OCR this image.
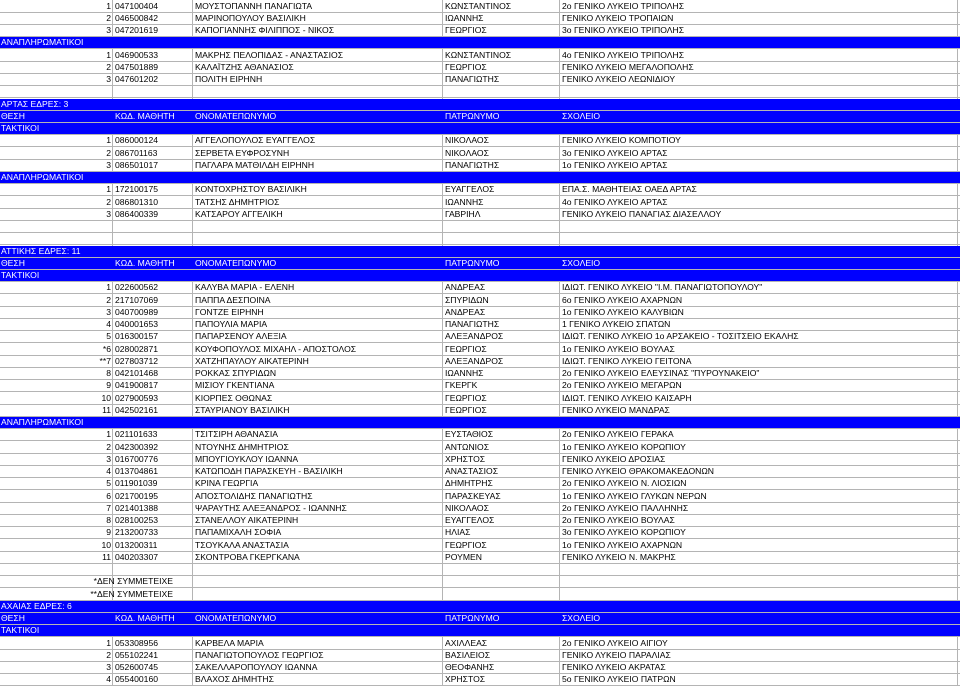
1 047100404	ΜΟΥΣΤΟΠΑΝΝΗ ΠΑΝΑΓΙΩΤΑ	ΚΩΝΣΤΑΝΤΙΝΟΣ	2ο ΓΕΝΙΚΟ ΛΥΚΕΙΟ ΤΡΙΠΟΛΗΣ
2 046500842	ΜΑΡΙΝΟΠΟΥΛΟΥ ΒΑΣΙΛΙΚΗ	ΙΩΑΝΝΗΣ	ΓΕΝΙΚΟ ΛΥΚΕΙΟ ΤΡΟΠΑΙΩΝ
3 047201619	ΚΑΠΟΓΙΑΝΝΗΣ ΦΙΛΙΠΠΟΣ - ΝΙΚΟΣ	ΓΕΩΡΓΙΟΣ	3ο ΓΕΝΙΚΟ ΛΥΚΕΙΟ ΤΡΙΠΟΛΗΣ
ΑΝΑΠΛΗΡΩΜΑΤΙΚΟΙ
1 046900533	ΜΑΚΡΗΣ ΠΕΛΟΠΙΔΑΣ - ΑΝΑΣΤΑΣΙΟΣ	ΚΩΝΣΤΑΝΤΙΝΟΣ	4ο ΓΕΝΙΚΟ ΛΥΚΕΙΟ ΤΡΙΠΟΛΗΣ
2 047501889	ΚΑΛΑΪΤΖΗΣ ΑΘΑΝΑΣΙΟΣ	ΓΕΩΡΓΙΟΣ	ΓΕΝΙΚΟ ΛΥΚΕΙΟ ΜΕΓΑΛΟΠΟΛΗΣ
3 047601202	ΠΟΛΙΤΗ ΕΙΡΗΝΗ	ΠΑΝΑΓΙΩΤΗΣ	ΓΕΝΙΚΟ ΛΥΚΕΙΟ ΛΕΩΝΙΔΙΟΥ
ΑΡΤΑΣ ΕΔΡΕΣ: 3
ΘΕΣΗ	ΚΩΔ. ΜΑΘΗΤΗ	ΟΝΟΜΑΤΕΠΩΝΥΜΟ	ΠΑΤΡΩΝΥΜΟ	ΣΧΟΛΕΙΟ
ΤΑΚΤΙΚΟΙ
1 086000124	ΑΓΓΕΛΟΠΟΥΛΟΣ ΕΥΑΓΓΕΛΟΣ	ΝΙΚΟΛΑΟΣ	ΓΕΝΙΚΟ ΛΥΚΕΙΟ ΚΟΜΠΟΤΙΟΥ
2 086701163	ΣΕΡΒΕΤΑ ΕΥΦΡΟΣΥΝΗ	ΝΙΚΟΛΑΟΣ	3ο ΓΕΝΙΚΟ ΛΥΚΕΙΟ ΑΡΤΑΣ
3 086501017	ΠΑΓΛΑΡΑ ΜΑΤΘΙΛΔΗ ΕΙΡΗΝΗ	ΠΑΝΑΓΙΩΤΗΣ	1ο ΓΕΝΙΚΟ ΛΥΚΕΙΟ ΑΡΤΑΣ
ΑΝΑΠΛΗΡΩΜΑΤΙΚΟΙ
1 172100175	ΚΟΝΤΟΧΡΗΣΤΟΥ ΒΑΣΙΛΙΚΗ	ΕΥΑΓΓΕΛΟΣ	ΕΠΑ.Σ. ΜΑΘΗΤΕΙΑΣ ΟΑΕΔ ΑΡΤΑΣ
2 086801310	ΤΑΤΣΗΣ ΔΗΜΗΤΡΙΟΣ	ΙΩΑΝΝΗΣ	4ο ΓΕΝΙΚΟ ΛΥΚΕΙΟ ΑΡΤΑΣ
3 086400339	ΚΑΤΣΑΡΟΥ ΑΓΓΕΛΙΚΗ	ΓΑΒΡΙΗΛ	ΓΕΝΙΚΟ ΛΥΚΕΙΟ ΠΑΝΑΓΙΑΣ ΔΙΑΣΕΛΛΟΥ
ΑΤΤΙΚΗΣ ΕΔΡΕΣ: 11
ΘΕΣΗ	ΚΩΔ. ΜΑΘΗΤΗ	ΟΝΟΜΑΤΕΠΩΝΥΜΟ	ΠΑΤΡΩΝΥΜΟ	ΣΧΟΛΕΙΟ
ΤΑΚΤΙΚΟΙ
1 022600562	ΚΑΛΥΒΑ ΜΑΡΙΑ - ΕΛΕΝΗ	ΑΝΔΡΕΑΣ	ΙΔΙΩΤ. ΓΕΝΙΚΟ ΛΥΚΕΙΟ "Ι.Μ. ΠΑΝΑΓΙΩΤΟΠΟΥΛΟΥ"
2 217107069	ΠΑΠΠΑ ΔΕΣΠΟΙΝΑ	ΣΠΥΡΙΔΩΝ	6ο ΓΕΝΙΚΟ ΛΥΚΕΙΟ ΑΧΑΡΝΩΝ
3 040700989	ΓΟΝΤΖΕ ΕΙΡΗΝΗ	ΑΝΔΡΕΑΣ	1ο ΓΕΝΙΚΟ ΛΥΚΕΙΟ ΚΑΛΥΒΙΩΝ
4 040001653	ΠΑΠΟΥΛΙΑ ΜΑΡΙΑ	ΠΑΝΑΓΙΩΤΗΣ	1 ΓΕΝΙΚΟ ΛΥΚΕΙΟ ΣΠΑΤΩΝ
5 016300157	ΠΑΠΑΡΣΕΝΟΥ ΑΛΕΞΙΑ	ΑΛΕΞΑΝΔΡΟΣ	ΙΔΙΩΤ. ΓΕΝΙΚΟ ΛΥΚΕΙΟ 1ο ΑΡΣΑΚΕΙΟ - ΤΟΣΙΤΣΕΙΟ ΕΚΑΛΗΣ
*6 028002871	ΚΟΥΦΟΠΟΥΛΟΣ ΜΙΧΑΗΛ - ΑΠΟΣΤΟΛΟΣ	ΓΕΩΡΓΙΟΣ	1ο ΓΕΝΙΚΟ ΛΥΚΕΙΟ ΒΟΥΛΑΣ
**7 027803712	ΧΑΤΖΗΠΑΥΛΟΥ ΑΙΚΑΤΕΡΙΝΗ	ΑΛΕΞΑΝΔΡΟΣ	ΙΔΙΩΤ. ΓΕΝΙΚΟ ΛΥΚΕΙΟ ΓΕΙΤΟΝΑ
8 042101468	ΡΟΚΚΑΣ ΣΠΥΡΙΔΩΝ	ΙΩΑΝΝΗΣ	2ο ΓΕΝΙΚΟ ΛΥΚΕΙΟ ΕΛΕΥΣΙΝΑΣ "ΠΥΡΟΥΝΑΚΕΙΟ"
9 041900817	ΜΙΣΙΟΥ ΓΚΕΝΤΙΑΝΑ	ΓΚΕΡΓΚ	2ο ΓΕΝΙΚΟ ΛΥΚΕΙΟ ΜΕΓΑΡΩΝ
10 027900593	ΚΙΟΡΠΕΣ ΟΘΩΝΑΣ	ΓΕΩΡΓΙΟΣ	ΙΔΙΩΤ. ΓΕΝΙΚΟ ΛΥΚΕΙΟ ΚΑΙΣΑΡΗ
11 042502161	ΣΤΑΥΡΙΑΝΟΥ ΒΑΣΙΛΙΚΗ	ΓΕΩΡΓΙΟΣ	ΓΕΝΙΚΟ ΛΥΚΕΙΟ ΜΑΝΔΡΑΣ
ΑΝΑΠΛΗΡΩΜΑΤΙΚΟΙ
1 021101633	ΤΣΙΤΣΙΡΗ ΑΘΑΝΑΣΙΑ	ΕΥΣΤΑΘΙΟΣ	2ο ΓΕΝΙΚΟ ΛΥΚΕΙΟ ΓΕΡΑΚΑ
2 042300392	ΝΤΟΥΝΗΣ ΔΗΜΗΤΡΙΟΣ	ΑΝΤΩΝΙΟΣ	1ο ΓΕΝΙΚΟ ΛΥΚΕΙΟ ΚΟΡΩΠΙΟΥ
3 016700776	ΜΠΟΥΓΙΟΥΚΛΟΥ ΙΩΑΝΝΑ	ΧΡΗΣΤΟΣ	ΓΕΝΙΚΟ ΛΥΚΕΙΟ ΔΡΟΣΙΑΣ
4 013704861	ΚΑΤΩΠΟΔΗ ΠΑΡΑΣΚΕΥΗ - ΒΑΣΙΛΙΚΗ	ΑΝΑΣΤΑΣΙΟΣ	ΓΕΝΙΚΟ ΛΥΚΕΙΟ ΘΡΑΚΟΜΑΚΕΔΟΝΩΝ
5 011901039	ΚΡΙΝΑ ΓΕΩΡΓΙΑ	ΔΗΜΗΤΡΗΣ	2ο ΓΕΝΙΚΟ ΛΥΚΕΙΟ Ν. ΛΙΟΣΙΩΝ
6 021700195	ΑΠΟΣΤΟΛΙΔΗΣ ΠΑΝΑΓΙΩΤΗΣ	ΠΑΡΑΣΚΕΥΑΣ	1ο ΓΕΝΙΚΟ ΛΥΚΕΙΟ ΓΛΥΚΩΝ ΝΕΡΩΝ
7 021401388	ΨΑΡΑΥΤΗΣ ΑΛΕΞΑΝΔΡΟΣ - ΙΩΑΝΝΗΣ	ΝΙΚΟΛΑΟΣ	2ο ΓΕΝΙΚΟ ΛΥΚΕΙΟ ΠΑΛΛΗΝΗΣ
8 028100253	ΣΤΑΝΕΛΛΟΥ ΑΙΚΑΤΕΡΙΝΗ	ΕΥΑΓΓΕΛΟΣ	2ο ΓΕΝΙΚΟ ΛΥΚΕΙΟ ΒΟΥΛΑΣ
9 213200733	ΠΑΠΑΜΙΧΑΛΗ ΣΟΦΙΑ	ΗΛΙΑΣ	3ο ΓΕΝΙΚΟ ΛΥΚΕΙΟ ΚΟΡΩΠΙΟΥ
10 013200311	ΤΣΟΥΚΑΛΑ ΑΝΑΣΤΑΣΙΑ	ΓΕΩΡΓΙΟΣ	1ο ΓΕΝΙΚΟ ΛΥΚΕΙΟ ΑΧΑΡΝΩΝ
11 040203307	ΣΚΟΝΤΡΟΒΑ ΓΚΕΡΓΚΑΝΑ	ΡΟΥΜΕΝ	ΓΕΝΙΚΟ ΛΥΚΕΙΟ Ν. ΜΑΚΡΗΣ
*ΔΕΝ ΣΥΜΜΕΤΕΙΧΕ
**ΔΕΝ ΣΥΜΜΕΤΕΙΧΕ
ΑΧΑΙΑΣ ΕΔΡΕΣ: 6
ΘΕΣΗ	ΚΩΔ. ΜΑΘΗΤΗ	ΟΝΟΜΑΤΕΠΩΝΥΜΟ	ΠΑΤΡΩΝΥΜΟ	ΣΧΟΛΕΙΟ
ΤΑΚΤΙΚΟΙ
1 053308956	ΚΑΡΒΕΛΑ ΜΑΡΙΑ	ΑΧΙΛΛΕΑΣ	2ο ΓΕΝΙΚΟ ΛΥΚΕΙΟ ΑΙΓΙΟΥ
2 055102241	ΠΑΝΑΓΙΩΤΟΠΟΥΛΟΣ ΓΕΩΡΓΙΟΣ	ΒΑΣΙΛΕΙΟΣ	ΓΕΝΙΚΟ ΛΥΚΕΙΟ ΠΑΡΑΛΙΑΣ
3 052600745	ΣΑΚΕΛΛΑΡΟΠΟΥΛΟΥ ΙΩΑΝΝΑ	ΘΕΟΦΑΝΗΣ	ΓΕΝΙΚΟ ΛΥΚΕΙΟ ΑΚΡΑΤΑΣ
4 055400160	ΒΛΑΧΟΣ ΔΗΜΗΤΗΣ	ΧΡΗΣΤΟΣ	5ο ΓΕΝΙΚΟ ΛΥΚΕΙΟ ΠΑΤΡΩΝ
